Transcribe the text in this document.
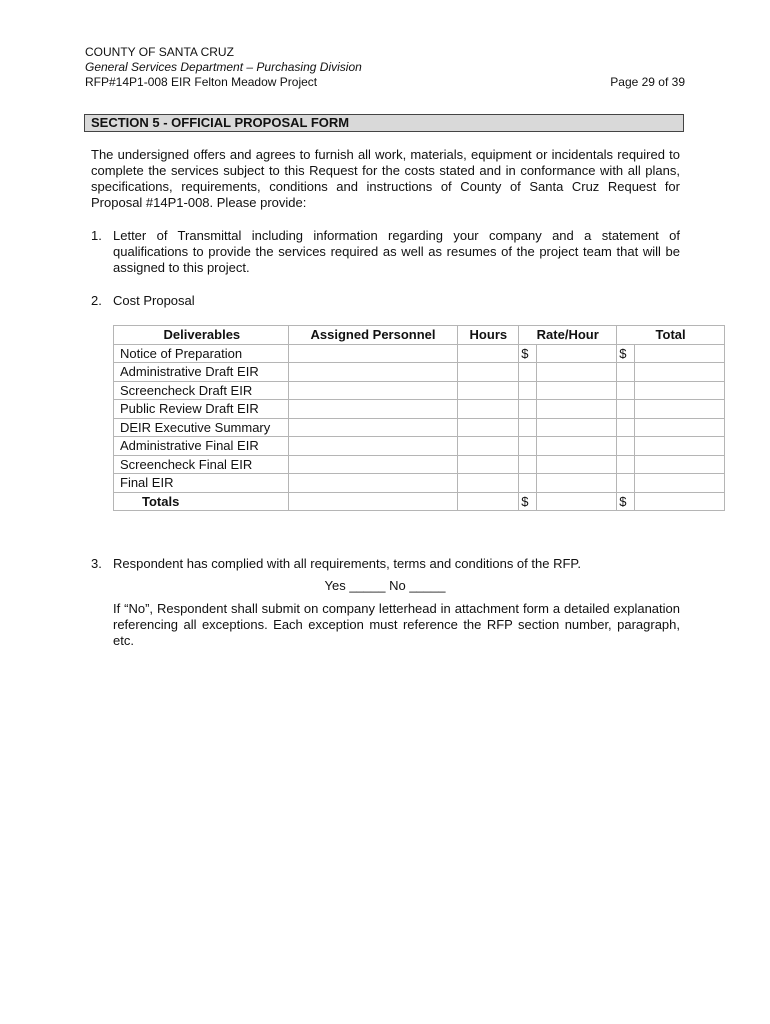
COUNTY OF SANTA CRUZ
General Services Department – Purchasing Division
RFP#14P1-008 EIR Felton Meadow Project	Page 29 of 39
SECTION 5 - OFFICIAL PROPOSAL FORM
The undersigned offers and agrees to furnish all work, materials, equipment or incidentals required to complete the services subject to this Request for the costs stated and in conformance with all plans, specifications, requirements, conditions and instructions of County of Santa Cruz Request for Proposal #14P1-008. Please provide:
1. Letter of Transmittal including information regarding your company and a statement of qualifications to provide the services required as well as resumes of the project team that will be assigned to this project.
2. Cost Proposal
Deliverables	Assigned Personnel	Hours	Rate/Hour		Total	
Notice of Preparation			$		$	
Administrative Draft EIR						
Screencheck Draft EIR						
Public Review Draft EIR						
DEIR Executive Summary						
Administrative Final EIR						
Screencheck Final EIR						
Final EIR						
Totals			$		$	
3. Respondent has complied with all requirements, terms and conditions of the RFP.
Yes _____ No _____
If “No”, Respondent shall submit on company letterhead in attachment form a detailed explanation referencing all exceptions. Each exception must reference the RFP section number, paragraph, etc.
